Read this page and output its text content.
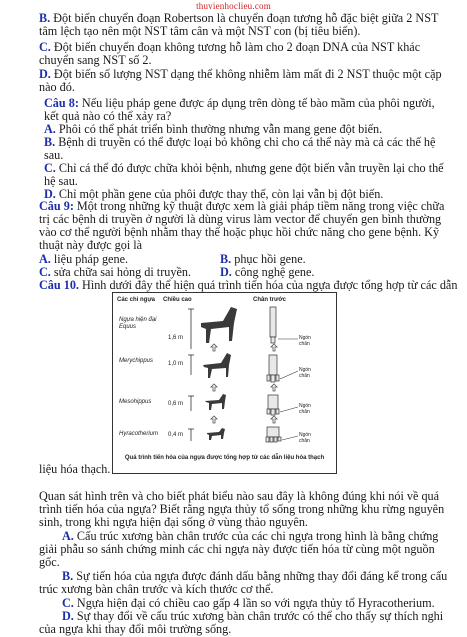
thuvienhoclieu.com
B. Đột biến chuyển đoạn Robertson là chuyển đoạn tương hỗ đặc biệt giữa 2 NST
tâm lệch tạo nên một NST tâm cân và một NST con (bị tiêu biến).
C. Đột biến chuyển đoạn không tương hỗ làm cho 2 đoạn DNA của NST khác
chuyển sang NST số 2.
D. Đột biến số lượng NST dạng thể không nhiễm làm mất đi 2 NST thuộc một cặp
nào đó.
Câu 8: Nếu liệu pháp gene được áp dụng trên dòng tế bào mầm của phôi người,
kết quả nào có thể xảy ra?
A. Phôi có thể phát triển bình thường nhưng vẫn mang gene đột biến.
B. Bệnh di truyền có thể được loại bỏ không chỉ cho cá thể này mà cả các thế hệ
sau.
C. Chỉ cá thể đó được chữa khỏi bệnh, nhưng gene đột biến vẫn truyền lại cho thế
hệ sau.
D. Chỉ một phần gene của phôi được thay thế, còn lại vẫn bị đột biến.
Câu 9: Một trong những kỹ thuật được xem là giải pháp tiềm năng trong việc chữa
trị các bệnh di truyền ở người là dùng virus làm vector để chuyển gen bình thường
vào cơ thể người bệnh nhằm thay thế hoặc phục hồi chức năng cho gene bệnh. Kỹ
thuật này được gọi là
A. liệu pháp gene.	B. phục hồi gene.
C. sửa chữa sai hỏng di truyền. D. công nghệ gene.
Câu 10. Hình dưới đây thể hiện quá trình tiến hóa của ngựa được tổng hợp từ các dẫn
Các chi ngựa Chiều cao	Chân trước
Ngựa hiện đại Equus
Merychippus
Mesohippus
Hyracotherium
1,6 m
1,0 m
0,6 m
0,4 m
Ngón chân
Ngón chân
Ngón chân
Ngón chân
Quá trình tiến hóa của ngựa được tổng hợp từ các dẫn liệu hóa thạch
liệu hóa thạch.
Quan sát hình trên và cho biết phát biểu nào sau đây là không đúng khi nói về quá
trình tiến hóa của ngựa? Biết rằng ngựa thủy tổ sống trong những khu rừng nguyên
sinh, trong khi ngựa hiện đại sống ở vùng thảo nguyên.
A. Cấu trúc xương bàn chân trước của các chi ngựa trong hình là bằng chứng
giải phẫu so sánh chứng minh các chi ngựa này được tiến hóa từ cùng một nguồn
gốc.
B. Sự tiến hóa của ngựa được đánh dấu bằng những thay đổi đáng kể trong cấu
trúc xương bàn chân trước và kích thước cơ thể.
C. Ngựa hiện đại có chiều cao gấp 4 lần so với ngựa thủy tổ Hyracotherium.
D. Sự thay đổi về cấu trúc xương bàn chân trước có thể cho thấy sự thích nghi
của ngựa khi thay đổi môi trường sống.
